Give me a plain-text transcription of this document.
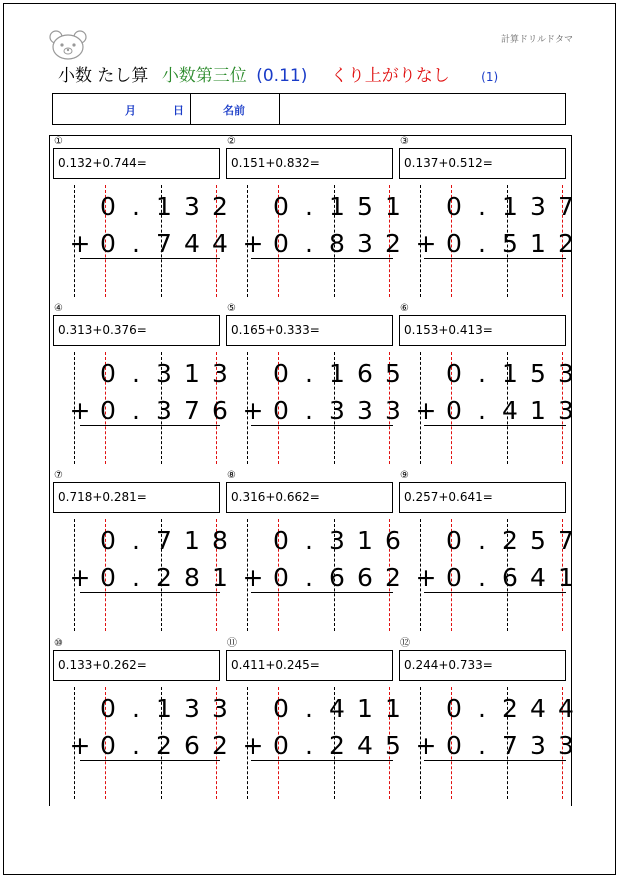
計算ドリルドタマ
小数 たし算 小数第三位 (0.11) くり上がりなし	(1)
月	日	名前
①
0.132+0.744=
0 . 1 3 2
+ 0 . 7 4 4
②
0.151+0.832=
0 . 1 5 1
+ 0 . 8 3 2
③
0.137+0.512=
0 . 1 3 7
+ 0 . 5 1 2
④
0.313+0.376=
0 . 3 1 3
+ 0 . 3 7 6
⑤
0.165+0.333=
0 . 1 6 5
+ 0 . 3 3 3
⑥
0.153+0.413=
0 . 1 5 3
+ 0 . 4 1 3
⑦
0.718+0.281=
0 . 7 1 8
+ 0 . 2 8 1
⑧
0.316+0.662=
0 . 3 1 6
+ 0 . 6 6 2
⑨
0.257+0.641=
0 . 2 5 7
+ 0 . 6 4 1
⑩
0.133+0.262=
0 . 1 3 3
+ 0 . 2 6 2
⑪
0.411+0.245=
0 . 4 1 1
+ 0 . 2 4 5
⑫
0.244+0.733=
0 . 2 4 4
+ 0 . 7 3 3
